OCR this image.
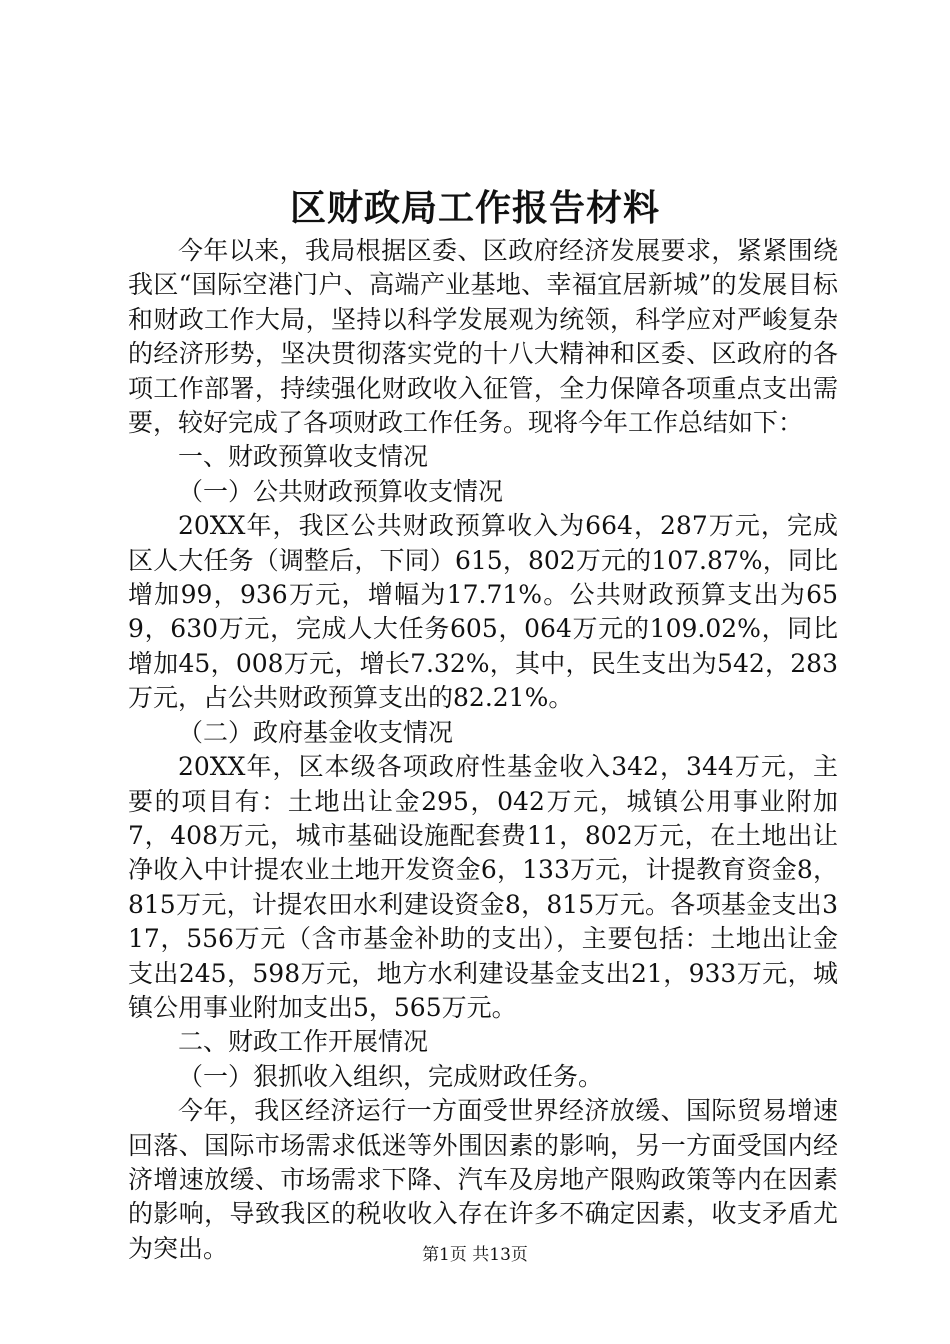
区财政局工作报告材料

今年以来，我局根据区委、区政府经济发展要求，紧紧围绕我区“国际空港门户、高端产业基地、幸福宜居新城”的发展目标和财政工作大局，坚持以科学发展观为统领，科学应对严峻复杂的经济形势，坚决贯彻落实党的十八大精神和区委、区政府的各项工作部署，持续强化财政收入征管，全力保障各项重点支出需要，较好完成了各项财政工作任务。现将今年工作总结如下：

一、财政预算收支情况

（一）公共财政预算收支情况

20XX年，我区公共财政预算收入为664，287万元，完成区人大任务（调整后，下同）615，802万元的107.87%，同比增加99，936万元，增幅为17.71%。公共财政预算支出为659，630万元，完成人大任务605，064万元的109.02%，同比增加45，008万元，增长7.32%，其中，民生支出为542，283万元，占公共财政预算支出的82.21%。

（二）政府基金收支情况

20XX年，区本级各项政府性基金收入342，344万元，主要的项目有：土地出让金295，042万元，城镇公用事业附加7，408万元，城市基础设施配套费11，802万元，在土地出让净收入中计提农业土地开发资金6，133万元，计提教育资金8，815万元，计提农田水利建设资金8，815万元。各项基金支出317，556万元（含市基金补助的支出），主要包括：土地出让金支出245，598万元，地方水利建设基金支出21，933万元，城镇公用事业附加支出5，565万元。

二、财政工作开展情况

（一）狠抓收入组织，完成财政任务。

今年，我区经济运行一方面受世界经济放缓、国际贸易增速回落、国际市场需求低迷等外围因素的影响，另一方面受国内经济增速放缓、市场需求下降、汽车及房地产限购政策等内在因素的影响，导致我区的税收收入存在许多不确定因素，收支矛盾尤为突出。	第1页 共13页
